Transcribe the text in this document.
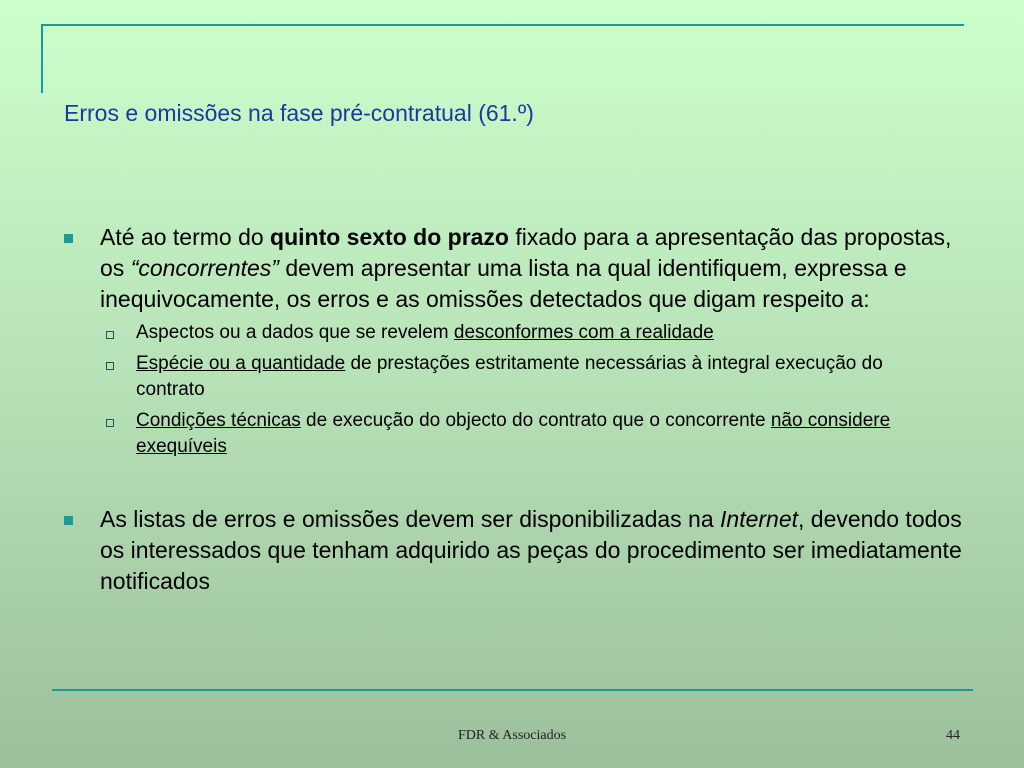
Erros e omissões na fase pré-contratual (61.º)
Até ao termo do quinto sexto do prazo fixado para a apresentação das propostas, os “concorrentes” devem apresentar uma lista na qual identifiquem, expressa e inequivocamente, os erros e as omissões detectados que digam respeito a:
Aspectos ou a dados que se revelem desconformes com a realidade
Espécie ou a quantidade de prestações estritamente necessárias à integral execução do contrato
Condições técnicas de execução do objecto do contrato que o concorrente não considere exequíveis
As listas de erros e omissões devem ser disponibilizadas na Internet, devendo todos os interessados que tenham adquirido as peças do procedimento ser imediatamente notificados
FDR & Associados	44
